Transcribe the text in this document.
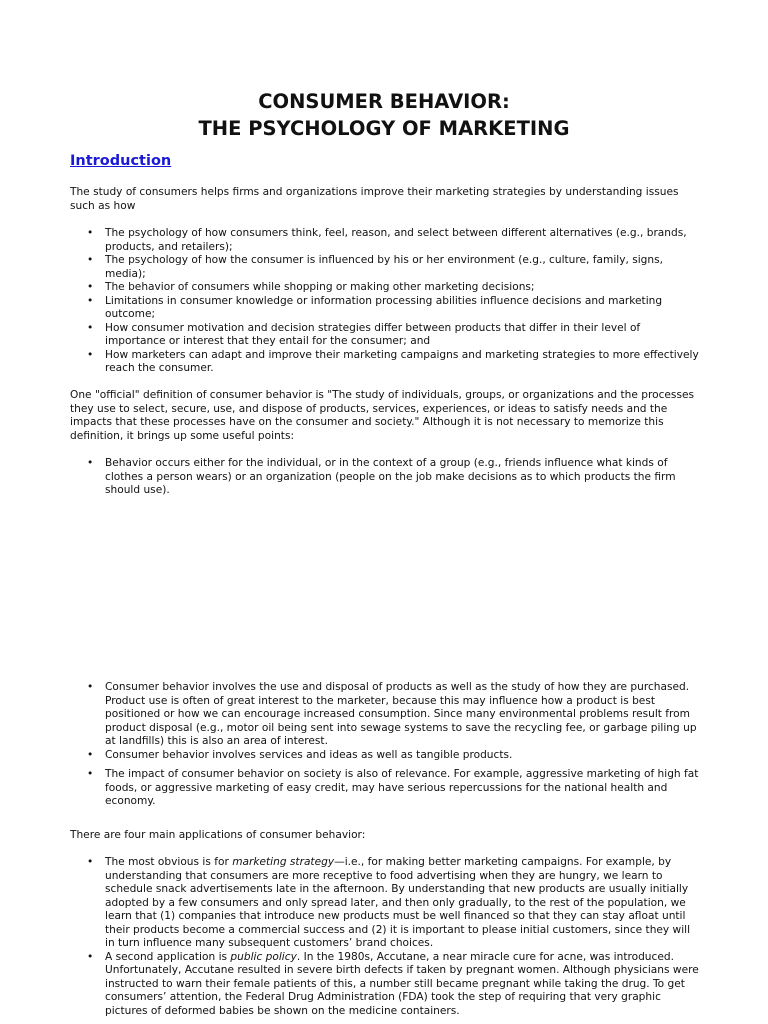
CONSUMER BEHAVIOR:
THE PSYCHOLOGY OF MARKETING
Introduction

The study of consumers helps firms and organizations improve their marketing strategies by understanding issues such as how

• The psychology of how consumers think, feel, reason, and select between different alternatives (e.g., brands, products, and retailers);
• The psychology of how the consumer is influenced by his or her environment (e.g., culture, family, signs, media);
• The behavior of consumers while shopping or making other marketing decisions;
• Limitations in consumer knowledge or information processing abilities influence decisions and marketing outcome;
• How consumer motivation and decision strategies differ between products that differ in their level of importance or interest that they entail for the consumer; and
• How marketers can adapt and improve their marketing campaigns and marketing strategies to more effectively reach the consumer.

One "official" definition of consumer behavior is "The study of individuals, groups, or organizations and the processes they use to select, secure, use, and dispose of products, services, experiences, or ideas to satisfy needs and the impacts that these processes have on the consumer and society." Although it is not necessary to memorize this definition, it brings up some useful points:

• Behavior occurs either for the individual, or in the context of a group (e.g., friends influence what kinds of clothes a person wears) or an organization (people on the job make decisions as to which products the firm should use).
• Consumer behavior involves the use and disposal of products as well as the study of how they are purchased. Product use is often of great interest to the marketer, because this may influence how a product is best positioned or how we can encourage increased consumption. Since many environmental problems result from product disposal (e.g., motor oil being sent into sewage systems to save the recycling fee, or garbage piling up at landfills) this is also an area of interest.
• Consumer behavior involves services and ideas as well as tangible products.
• The impact of consumer behavior on society is also of relevance. For example, aggressive marketing of high fat foods, or aggressive marketing of easy credit, may have serious repercussions for the national health and economy.

There are four main applications of consumer behavior:

• The most obvious is for marketing strategy—i.e., for making better marketing campaigns. For example, by understanding that consumers are more receptive to food advertising when they are hungry, we learn to schedule snack advertisements late in the afternoon. By understanding that new products are usually initially adopted by a few consumers and only spread later, and then only gradually, to the rest of the population, we learn that (1) companies that introduce new products must be well financed so that they can stay afloat until their products become a commercial success and (2) it is important to please initial customers, since they will in turn influence many subsequent customers’ brand choices.
• A second application is public policy. In the 1980s, Accutane, a near miracle cure for acne, was introduced. Unfortunately, Accutane resulted in severe birth defects if taken by pregnant women. Although physicians were instructed to warn their female patients of this, a number still became pregnant while taking the drug. To get consumers’ attention, the Federal Drug Administration (FDA) took the step of requiring that very graphic pictures of deformed babies be shown on the medicine containers.
